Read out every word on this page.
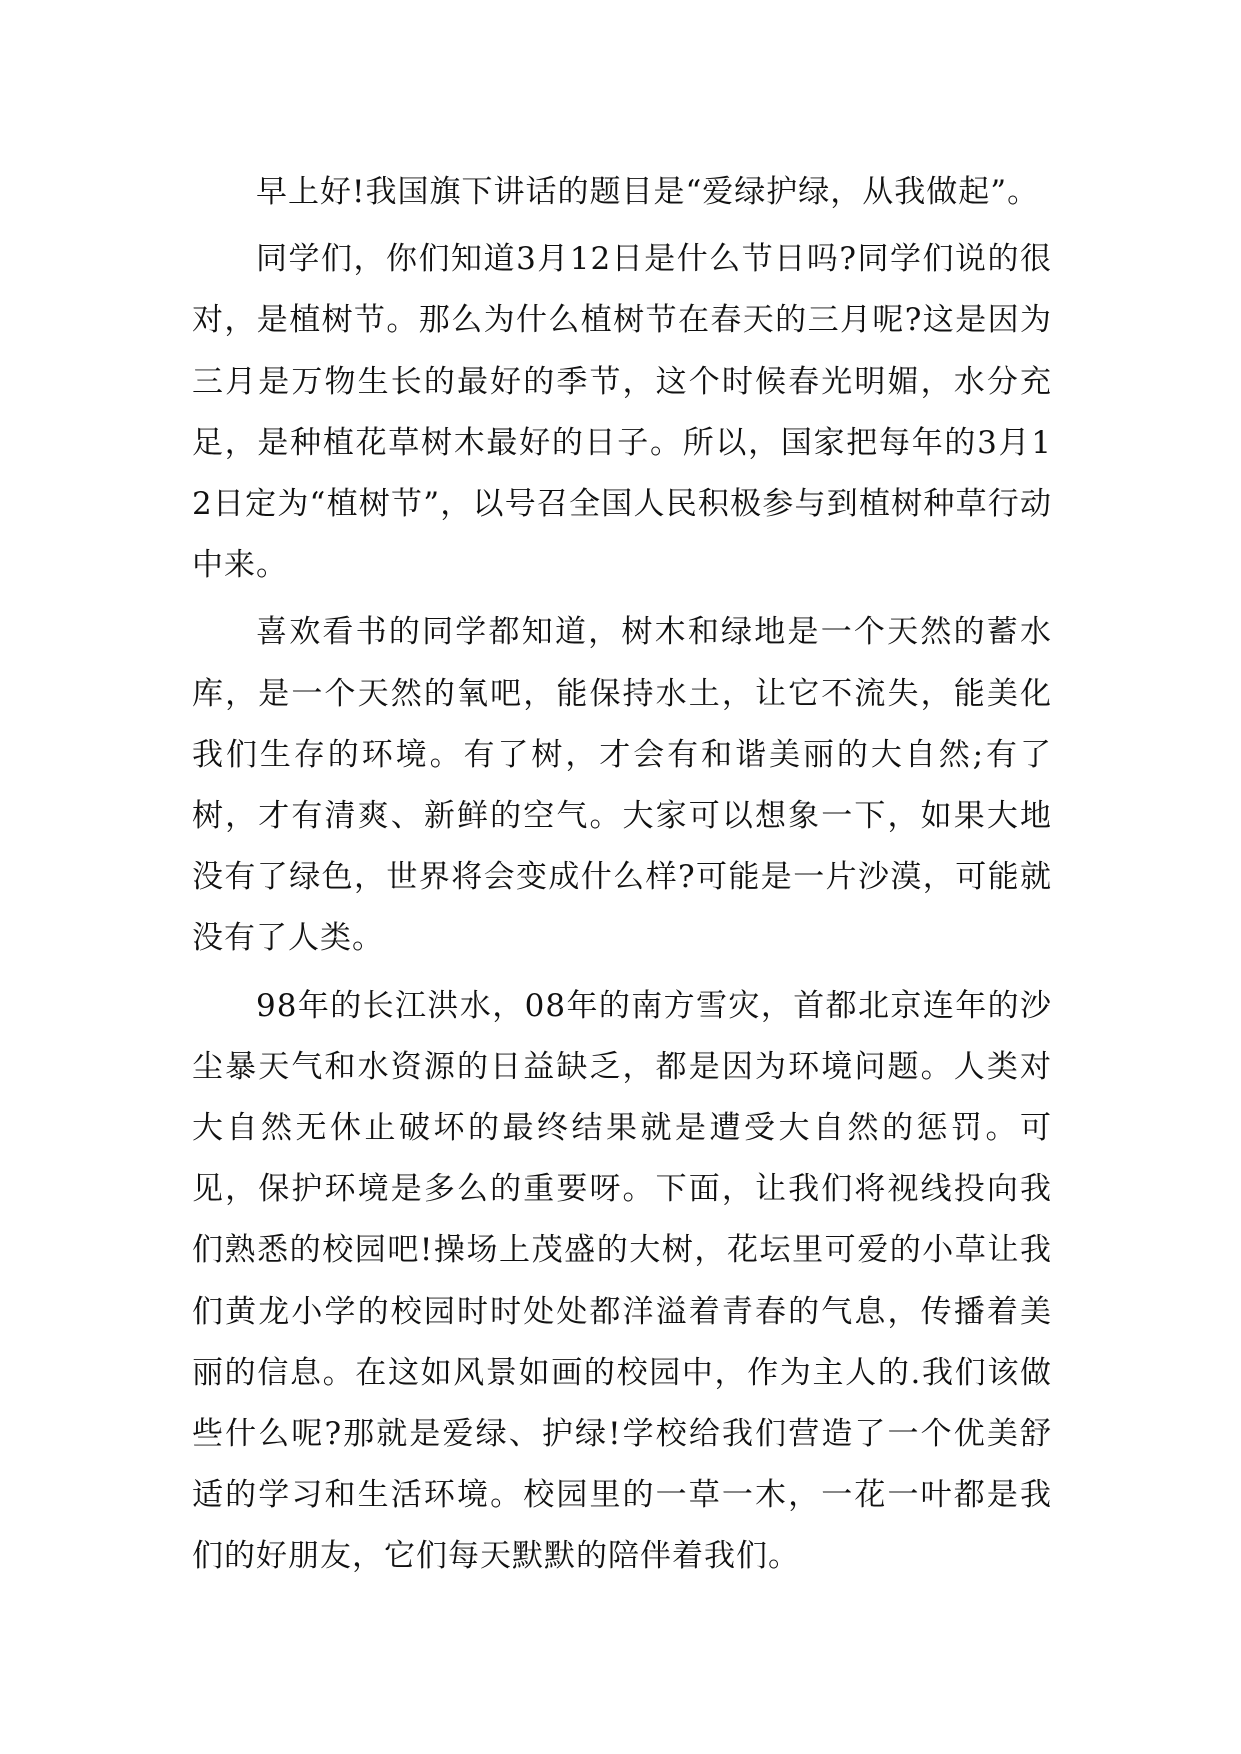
早上好!我国旗下讲话的题目是“爱绿护绿，从我做起”。

同学们，你们知道3月12日是什么节日吗?同学们说的很对，是植树节。那么为什么植树节在春天的三月呢?这是因为三月是万物生长的最好的季节，这个时候春光明媚，水分充足，是种植花草树木最好的日子。所以，国家把每年的3月12日定为“植树节”，以号召全国人民积极参与到植树种草行动中来。

喜欢看书的同学都知道，树木和绿地是一个天然的蓄水库，是一个天然的氧吧，能保持水土，让它不流失，能美化我们生存的环境。有了树，才会有和谐美丽的大自然;有了树，才有清爽、新鲜的空气。大家可以想象一下，如果大地没有了绿色，世界将会变成什么样?可能是一片沙漠，可能就没有了人类。

98年的长江洪水，08年的南方雪灾，首都北京连年的沙尘暴天气和水资源的日益缺乏，都是因为环境问题。人类对大自然无休止破坏的最终结果就是遭受大自然的惩罚。可见，保护环境是多么的重要呀。下面，让我们将视线投向我们熟悉的校园吧!操场上茂盛的大树，花坛里可爱的小草让我们黄龙小学的校园时时处处都洋溢着青春的气息，传播着美丽的信息。在这如风景如画的校园中，作为主人的.我们该做些什么呢?那就是爱绿、护绿!学校给我们营造了一个优美舒适的学习和生活环境。校园里的一草一木，一花一叶都是我们的好朋友，它们每天默默的陪伴着我们。
